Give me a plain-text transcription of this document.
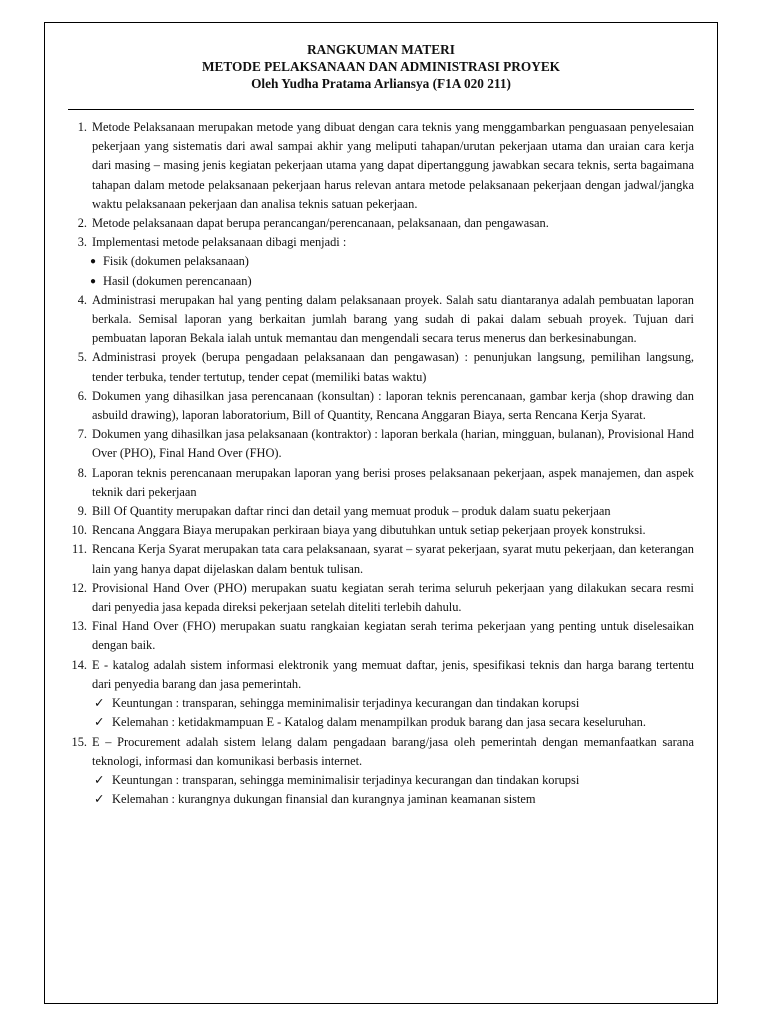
RANGKUMAN MATERI
METODE PELAKSANAAN DAN ADMINISTRASI PROYEK
Oleh Yudha Pratama Arliansya (F1A 020 211)
1. Metode Pelaksanaan merupakan metode yang dibuat dengan cara teknis yang menggambarkan penguasaan penyelesaian pekerjaan yang sistematis dari awal sampai akhir yang meliputi tahapan/urutan pekerjaan utama dan uraian cara kerja dari masing – masing jenis kegiatan pekerjaan utama yang dapat dipertanggung jawabkan secara teknis, serta bagaimana tahapan dalam metode pelaksanaan pekerjaan harus relevan antara metode pelaksanaan pekerjaan dengan jadwal/jangka waktu pelaksanaan pekerjaan dan analisa teknis satuan pekerjaan.
2. Metode pelaksanaan dapat berupa perancangan/perencanaan, pelaksanaan, dan pengawasan.
3. Implementasi metode pelaksanaan dibagi menjadi :
● Fisik (dokumen pelaksanaan)
● Hasil (dokumen perencanaan)
4. Administrasi merupakan hal yang penting dalam pelaksanaan proyek. Salah satu diantaranya adalah pembuatan laporan berkala. Semisal laporan yang berkaitan jumlah barang yang sudah di pakai dalam sebuah proyek. Tujuan dari pembuatan laporan Bekala ialah untuk memantau dan mengendali secara terus menerus dan berkesinabungan.
5. Administrasi proyek (berupa pengadaan pelaksanaan dan pengawasan) : penunjukan langsung, pemilihan langsung, tender terbuka, tender tertutup, tender cepat (memiliki batas waktu)
6. Dokumen yang dihasilkan jasa perencanaan (konsultan) : laporan teknis perencanaan, gambar kerja (shop drawing dan asbuild drawing), laporan laboratorium, Bill of Quantity, Rencana Anggaran Biaya, serta Rencana Kerja Syarat.
7. Dokumen yang dihasilkan jasa pelaksanaan (kontraktor) : laporan berkala (harian, mingguan, bulanan), Provisional Hand Over (PHO), Final Hand Over (FHO).
8. Laporan teknis perencanaan merupakan laporan yang berisi proses pelaksanaan pekerjaan, aspek manajemen, dan aspek teknik dari pekerjaan
9. Bill Of Quantity merupakan daftar rinci dan detail yang memuat produk – produk dalam suatu pekerjaan
10. Rencana Anggara Biaya merupakan perkiraan biaya yang dibutuhkan untuk setiap pekerjaan proyek konstruksi.
11. Rencana Kerja Syarat merupakan tata cara pelaksanaan, syarat – syarat pekerjaan, syarat mutu pekerjaan, dan keterangan lain yang hanya dapat dijelaskan dalam bentuk tulisan.
12. Provisional Hand Over (PHO) merupakan suatu kegiatan serah terima seluruh pekerjaan yang dilakukan secara resmi dari penyedia jasa kepada direksi pekerjaan setelah diteliti terlebih dahulu.
13. Final Hand Over (FHO) merupakan suatu rangkaian kegiatan serah terima pekerjaan yang penting untuk diselesaikan dengan baik.
14. E - katalog adalah sistem informasi elektronik yang memuat daftar, jenis, spesifikasi teknis dan harga barang tertentu dari penyedia barang dan jasa pemerintah.
✓ Keuntungan : transparan, sehingga meminimalisir terjadinya kecurangan dan tindakan korupsi
✓ Kelemahan : ketidakmampuan E - Katalog dalam menampilkan produk barang dan jasa secara keseluruhan.
15. E – Procurement adalah sistem lelang dalam pengadaan barang/jasa oleh pemerintah dengan memanfaatkan sarana teknologi, informasi dan komunikasi berbasis internet.
✓ Keuntungan : transparan, sehingga meminimalisir terjadinya kecurangan dan tindakan korupsi
✓ Kelemahan : kurangnya dukungan finansial dan kurangnya jaminan keamanan sistem
